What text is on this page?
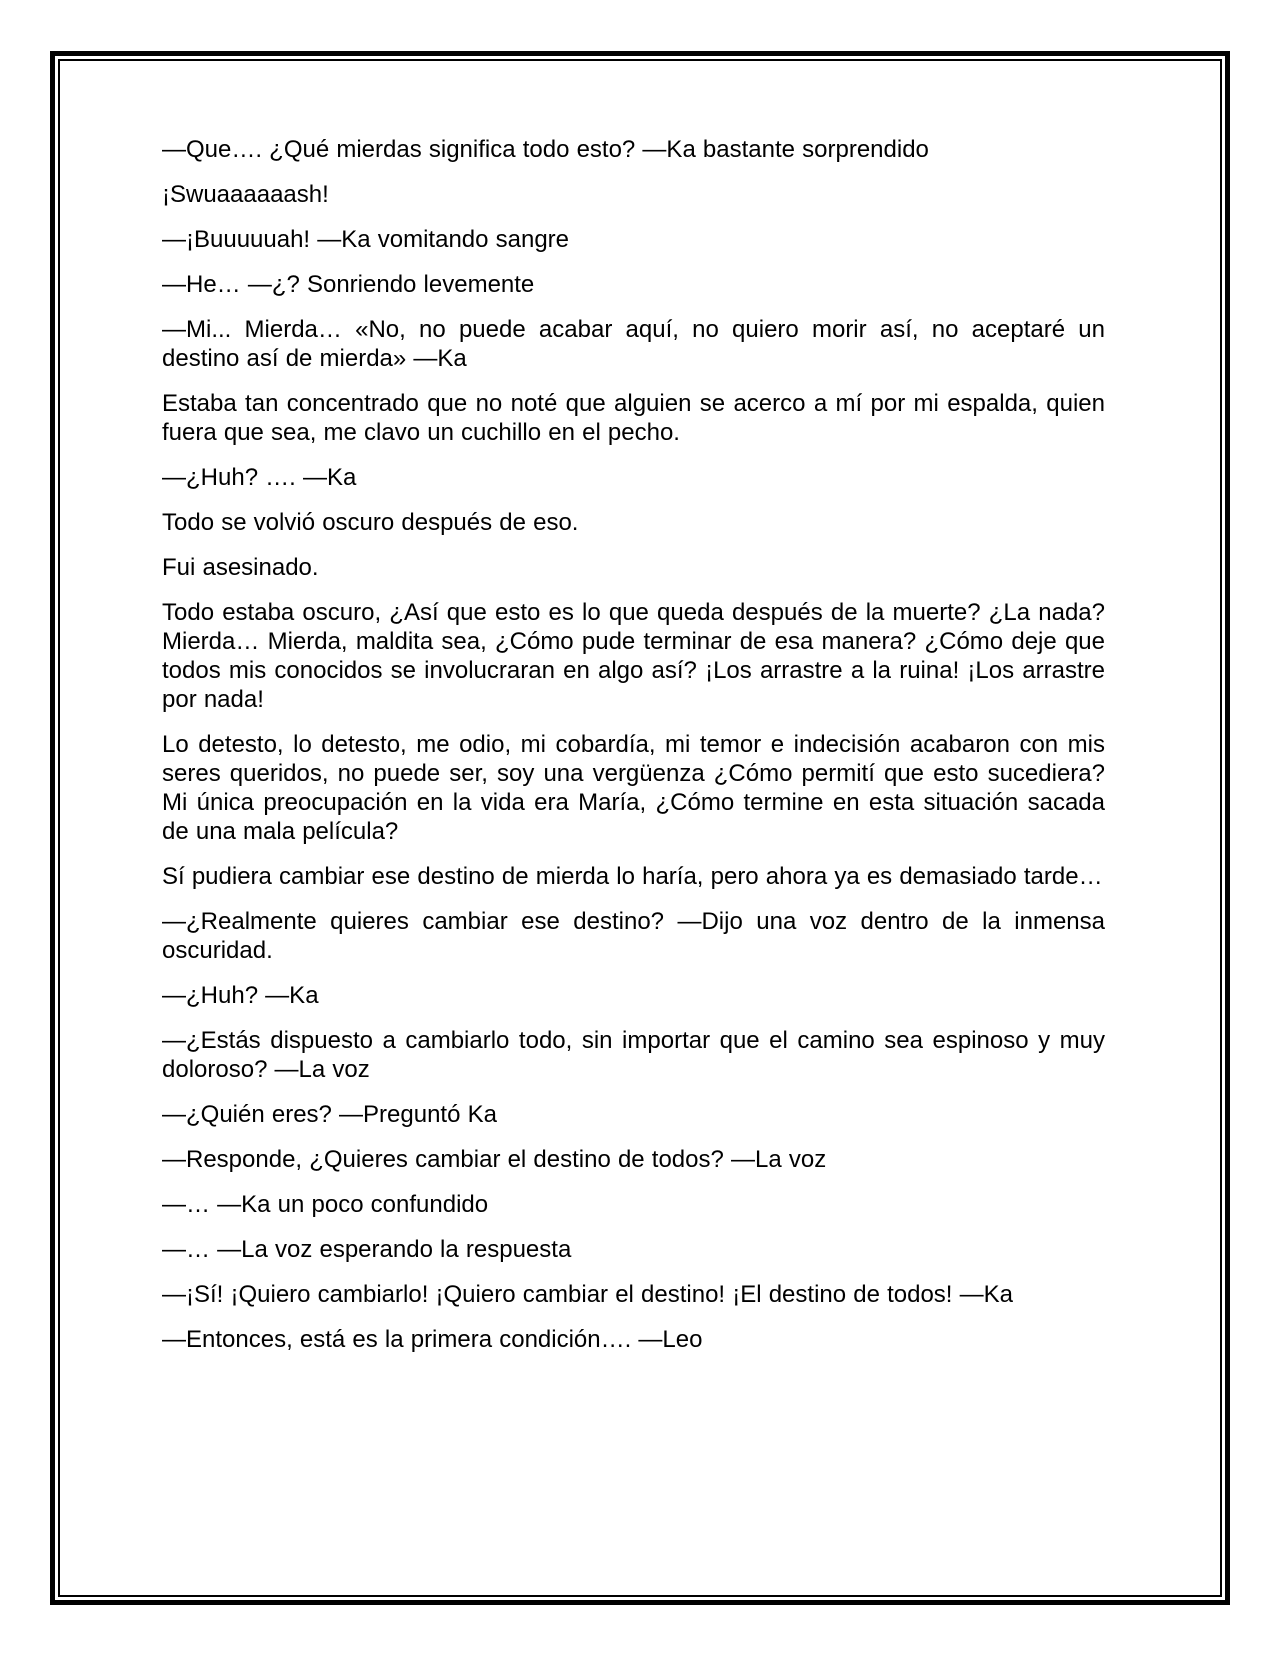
—Que…. ¿Qué mierdas significa todo esto? —Ka bastante sorprendido

¡Swuaaaaaash!

—¡Buuuuuah! —Ka vomitando sangre

—He… —¿? Sonriendo levemente

—Mi... Mierda… «No, no puede acabar aquí, no quiero morir así, no aceptaré un destino así de mierda» —Ka

Estaba tan concentrado que no noté que alguien se acerco a mí por mi espalda, quien fuera que sea, me clavo un cuchillo en el pecho.

—¿Huh? …. —Ka

Todo se volvió oscuro después de eso.

Fui asesinado.

Todo estaba oscuro, ¿Así que esto es lo que queda después de la muerte? ¿La nada? Mierda… Mierda, maldita sea, ¿Cómo pude terminar de esa manera? ¿Cómo deje que todos mis conocidos se involucraran en algo así? ¡Los arrastre a la ruina! ¡Los arrastre por nada!

Lo detesto, lo detesto, me odio, mi cobardía, mi temor e indecisión acabaron con mis seres queridos, no puede ser, soy una vergüenza ¿Cómo permití que esto sucediera? Mi única preocupación en la vida era María, ¿Cómo termine en esta situación sacada de una mala película?

Sí pudiera cambiar ese destino de mierda lo haría, pero ahora ya es demasiado tarde…

—¿Realmente quieres cambiar ese destino? —Dijo una voz dentro de la inmensa oscuridad.

—¿Huh? —Ka

—¿Estás dispuesto a cambiarlo todo, sin importar que el camino sea espinoso y muy doloroso? —La voz

—¿Quién eres? —Preguntó Ka

—Responde, ¿Quieres cambiar el destino de todos? —La voz

—… —Ka un poco confundido

—… —La voz esperando la respuesta

—¡Sí! ¡Quiero cambiarlo! ¡Quiero cambiar el destino! ¡El destino de todos! —Ka

—Entonces, está es la primera condición…. —Leo
